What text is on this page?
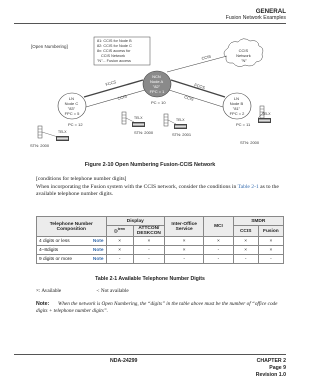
GENERAL
Fusion Network Examples
[Open Numbering]
81: CCIS for Node B 82: CCIS for Node C 8x: CCIS access for CCIS Network "N"... Fusion access
CCIS Network "N"
CCIS
NCN Node A "82" FPC = 1
LN Node C "83" FPC = 5
LN Node B "81" FPC = 2
FCCS
CCIS
FCCS
CCIS
PC = 12
PC = 10
PC = 11
TELX
STN: 2000
TELX
STN: 2000
TELX
STN: 2001
TELX
STN: 2000
Figure 2-10 Open Numbering Fusion-CCIS Network
[conditions for telephone number digits]
When incorporating the Fusion system with the CCIS network, consider the conditions in Table 2-1 as to the available telephone number digits.
Telephone Number Composition	Display		Inter-Office Service	MCI	SMDR	
	$D^{term}$	ATTCON/ DESKCON			CCIS	Fusion

4 digits or less Note	×	×	×	×	×	×
4–8digits Note	×	-	×	-	×	×
9 digits or more Note	-	-	-	-	-	-
Table 2-1 Available Telephone Number Digits
×: Available	-: Not available
Note: When the network is Open Numbering, the “digits” in the table above must be the number of “office code digits + telephone number digits”.
NDA-24299	CHAPTER 2
Page 9
Revision 1.0
